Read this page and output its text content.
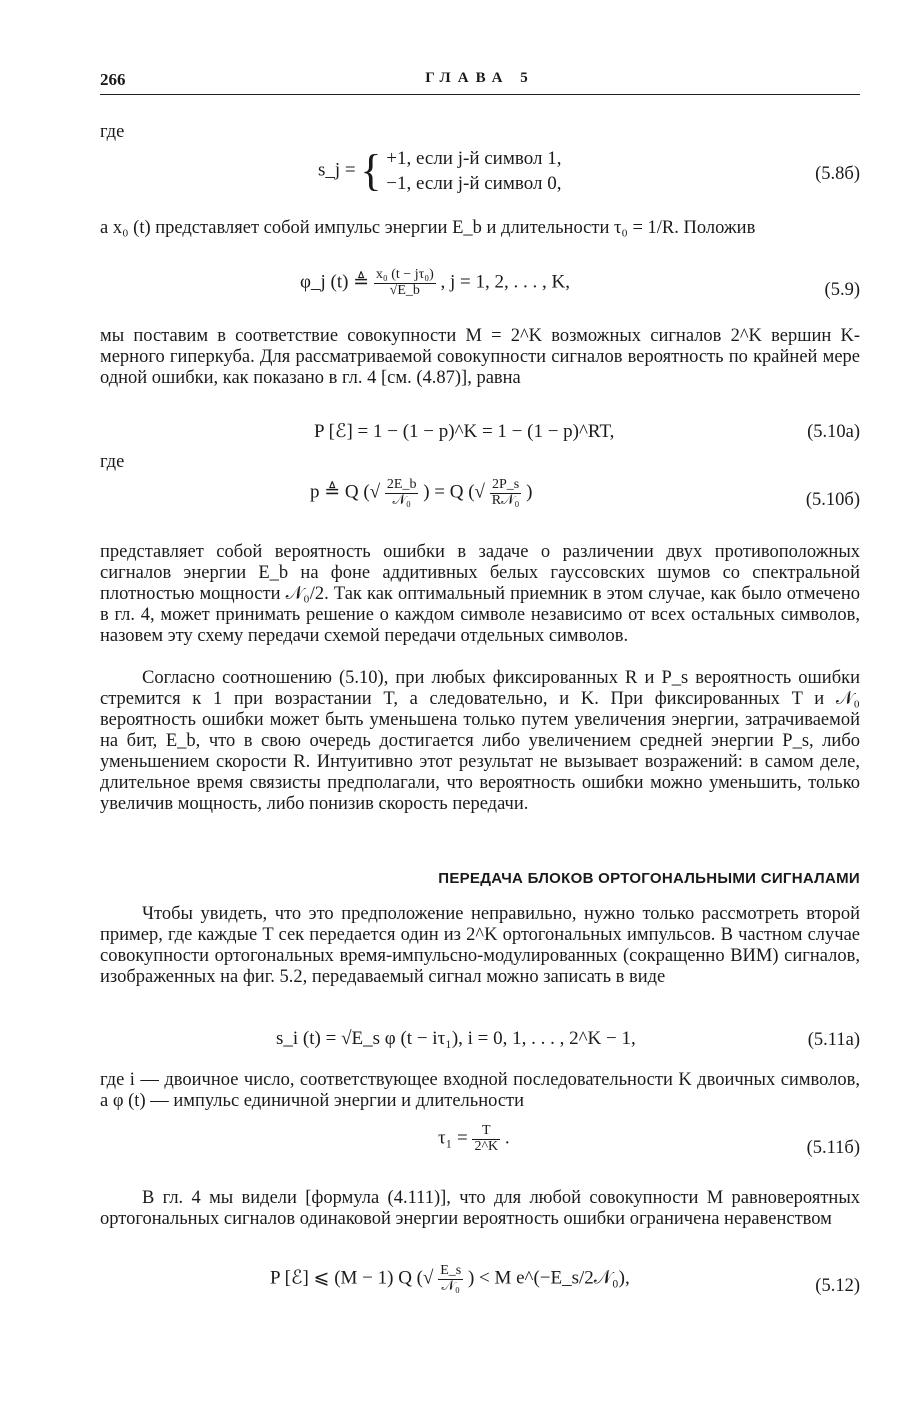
266	ГЛАВА 5
где
s_j = { +1, если j-й символ 1,
−1, если j-й символ 0,	(5.8б)
а x₀ (t) представляет собой импульс энергии E_b и длительности τ₀ = 1/R. Положив
φ_j (t) ≜ $\frac{\text{x₀ (t − jτ₀)}}{√E\_b}$ , j = 1, 2, . . . , K,	(5.9)
мы поставим в соответствие совокупности M = 2^K возможных сигналов 2^K вершин K-мерного гиперкуба. Для рассматриваемой совокупности сигналов вероятность по крайней мере одной ошибки, как показано в гл. 4 [см. (4.87)], равна
P [ℰ] = 1 − (1 − p)^K = 1 − (1 − p)^RT,	(5.10а)
где
p ≜ Q (√ $\frac{2E\_b}{\text{𝒩₀}}$ ) = Q (√ $\frac{2P\_s}{\text{R𝒩₀}}$ )	(5.10б)
представляет собой вероятность ошибки в задаче о различении двух противоположных сигналов энергии E_b на фоне аддитивных белых гауссовских шумов со спектральной плотностью мощности 𝒩₀/2. Так как оптимальный приемник в этом случае, как было отмечено в гл. 4, может принимать решение о каждом символе независимо от всех остальных символов, назовем эту схему передачи схемой передачи отдельных символов.
Согласно соотношению (5.10), при любых фиксированных R и P_s вероятность ошибки стремится к 1 при возрастании T, а следовательно, и K. При фиксированных T и 𝒩₀ вероятность ошибки может быть уменьшена только путем увеличения энергии, затрачиваемой на бит, E_b, что в свою очередь достигается либо увеличением средней энергии P_s, либо уменьшением скорости R. Интуитивно этот результат не вызывает возражений: в самом деле, длительное время связисты предполагали, что вероятность ошибки можно уменьшить, только увеличив мощность, либо понизив скорость передачи.
ПЕРЕДАЧА БЛОКОВ ОРТОГОНАЛЬНЫМИ СИГНАЛАМИ
Чтобы увидеть, что это предположение неправильно, нужно только рассмотреть второй пример, где каждые T сек передается один из 2^K ортогональных импульсов. В частном случае совокупности ортогональных время-импульсно-модулированных (сокращенно ВИМ) сигналов, изображенных на фиг. 5.2, передаваемый сигнал можно записать в виде
s_i (t) = √E_s φ (t − iτ₁), i = 0, 1, . . . , 2^K − 1,	(5.11а)
где i — двоичное число, соответствующее входной последовательности K двоичных символов, а φ (t) — импульс единичной энергии и длительности
$\tau_1 = \frac{T}{2\^{}K}$ .	(5.11б)
В гл. 4 мы видели [формула (4.111)], что для любой совокупности M равновероятных ортогональных сигналов одинаковой энергии вероятность ошибки ограничена неравенством
P [ℰ] ⩽ (M − 1) Q (√ $\frac{E\_s}{\text{𝒩₀}}$ ) < M e^(−E_s/2𝒩₀),	(5.12)
